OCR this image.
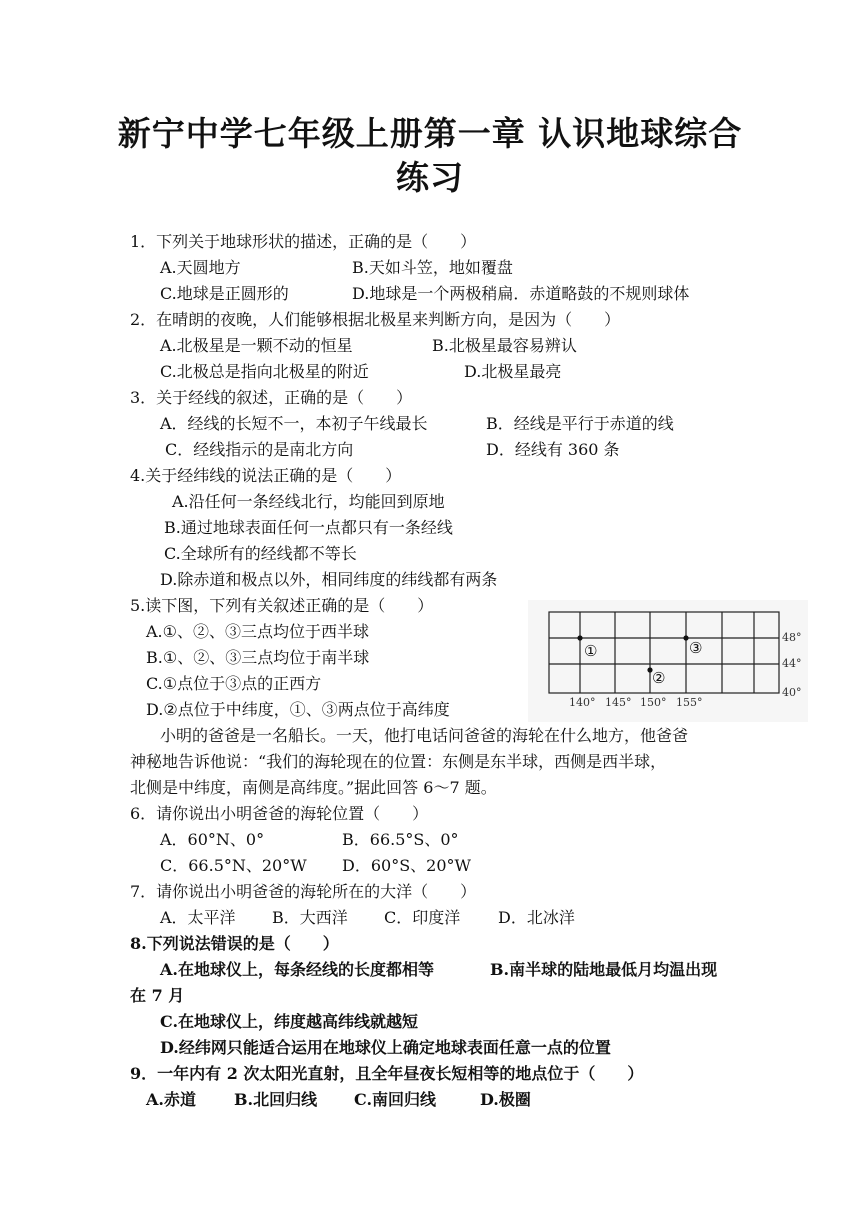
新宁中学七年级上册第一章 认识地球综合
练习
1．下列关于地球形状的描述，正确的是（　　）
A.天圆地方	B.天如斗笠，地如覆盘
C.地球是正圆形的	D.地球是一个两极稍扁．赤道略鼓的不规则球体
2．在晴朗的夜晚，人们能够根据北极星来判断方向，是因为（　　）
A.北极星是一颗不动的恒星	B.北极星最容易辨认
C.北极总是指向北极星的附近	D.北极星最亮
3．关于经线的叙述，正确的是（　　）
A．经线的长短不一，本初子午线最长	B．经线是平行于赤道的线
C．经线指示的是南北方向	D．经线有 360 条
4.关于经纬线的说法正确的是（　　）
A.沿任何一条经线北行，均能回到原地
B.通过地球表面任何一点都只有一条经线
C.全球所有的经线都不等长
D.除赤道和极点以外，相同纬度的纬线都有两条
5.读下图，下列有关叙述正确的是（　　）
A.①、②、③三点均位于西半球
B.①、②、③三点均位于南半球
C.①点位于③点的正西方
D.②点位于中纬度，①、③两点位于高纬度
小明的爸爸是一名船长。一天，他打电话问爸爸的海轮在什么地方，他爸爸
神秘地告诉他说：“我们的海轮现在的位置：东侧是东半球，西侧是西半球，
北侧是中纬度，南侧是高纬度。”据此回答 6～7 题。
6．请你说出小明爸爸的海轮位置（　　）
A．60°N、0°	B．66.5°S、0°
C．66.5°N、20°W D．60°S、20°W
7．请你说出小明爸爸的海轮所在的大洋（　　）
A．太平洋 B．大西洋 C．印度洋 D．北冰洋
8.下列说法错误的是（　　）
A.在地球仪上，每条经线的长度都相等	B.南半球的陆地最低月均温出现
在 7 月
C.在地球仪上，纬度越高纬线就越短
D.经纬网只能适合运用在地球仪上确定地球表面任意一点的位置
9．一年内有 2 次太阳光直射，且全年昼夜长短相等的地点位于（　　）
A.赤道 B.北回归线 C.南回归线	D.极圈
①
②
③
140° 145° 150° 155°
48°
44°
40°
